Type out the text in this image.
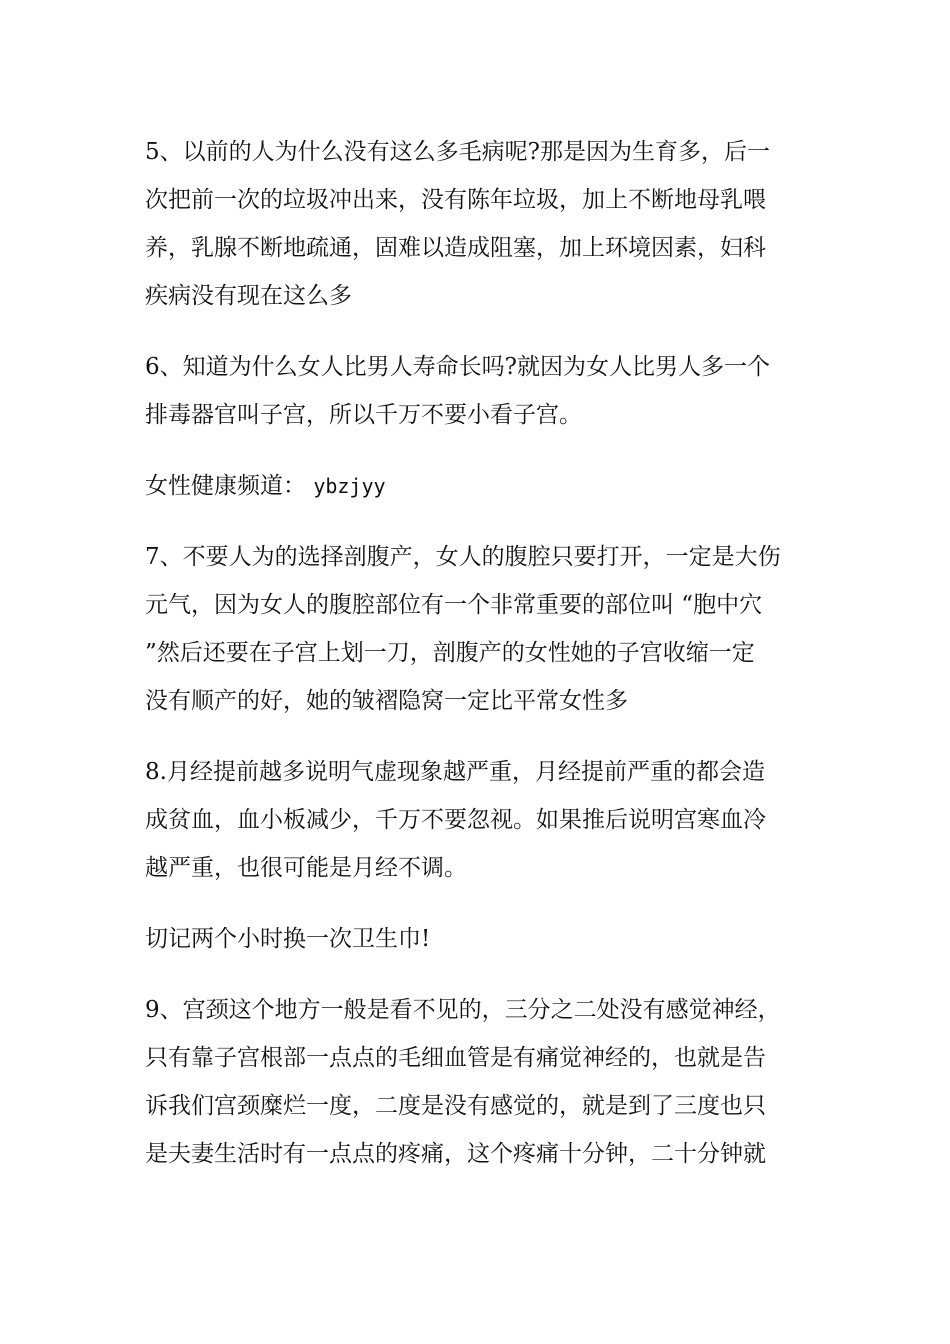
5、以前的人为什么没有这么多毛病呢?那是因为生育多，后一
次把前一次的垃圾冲出来，没有陈年垃圾，加上不断地母乳喂
养，乳腺不断地疏通，固难以造成阻塞，加上环境因素，妇科
疾病没有现在这么多
6、知道为什么女人比男人寿命长吗?就因为女人比男人多一个
排毒器官叫子宫，所以千万不要小看子宫。
女性健康频道： ybzjyy
7、不要人为的选择剖腹产，女人的腹腔只要打开，一定是大伤
元气，因为女人的腹腔部位有一个非常重要的部位叫 “胞中穴
”然后还要在子宫上划一刀，剖腹产的女性她的子宫收缩一定
没有顺产的好，她的皱褶隐窝一定比平常女性多
8.月经提前越多说明气虚现象越严重，月经提前严重的都会造
成贫血，血小板减少，千万不要忽视。如果推后说明宫寒血冷
越严重，也很可能是月经不调。
切记两个小时换一次卫生巾!
9、宫颈这个地方一般是看不见的，三分之二处没有感觉神经，
只有靠子宫根部一点点的毛细血管是有痛觉神经的，也就是告
诉我们宫颈糜烂一度，二度是没有感觉的，就是到了三度也只
是夫妻生活时有一点点的疼痛，这个疼痛十分钟，二十分钟就
